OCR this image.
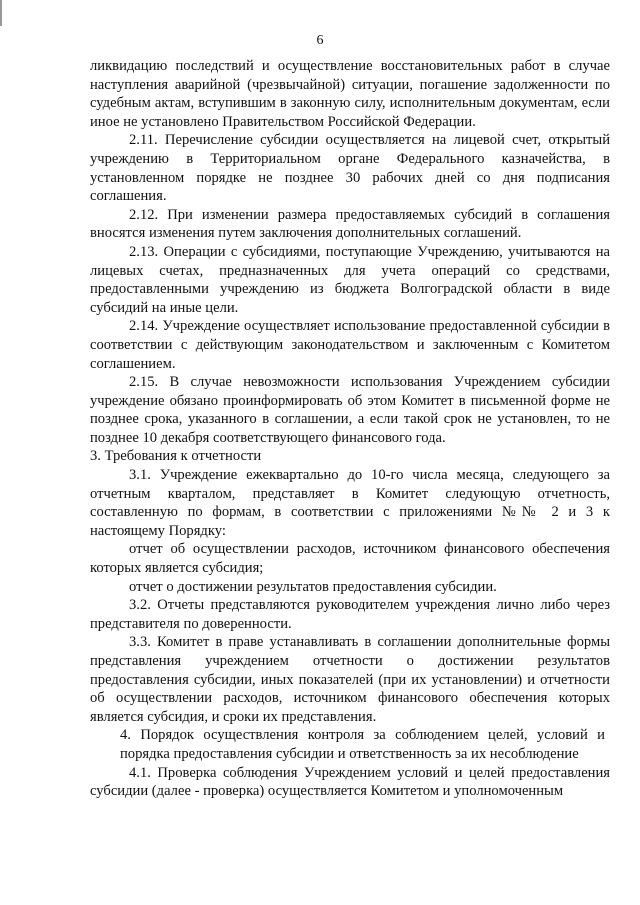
6

ликвидацию последствий и осуществление восстановительных работ в случае наступления аварийной (чрезвычайной) ситуации, погашение задолженности по судебным актам, вступившим в законную силу, исполнительным документам, если иное не установлено Правительством Российской Федерации.

2.11. Перечисление субсидии осуществляется на лицевой счет, открытый учреждению в Территориальном органе Федерального казначейства, в установленном порядке не позднее 30 рабочих дней со дня подписания соглашения.

2.12. При изменении размера предоставляемых субсидий в соглашения вносятся изменения путем заключения дополнительных соглашений.

2.13. Операции с субсидиями, поступающие Учреждению, учитываются на лицевых счетах, предназначенных для учета операций со средствами, предоставленными учреждению из бюджета Волгоградской области в виде субсидий на иные цели.

2.14. Учреждение осуществляет использование предоставленной субсидии в соответствии с действующим законодательством и заключенным с Комитетом соглашением.

2.15. В случае невозможности использования Учреждением субсидии учреждение обязано проинформировать об этом Комитет в письменной форме не позднее срока, указанного в соглашении, а если такой срок не установлен, то не позднее 10 декабря соответствующего финансового года.

3. Требования к отчетности

3.1. Учреждение ежеквартально до 10-го числа месяца, следующего за отчетным кварталом, представляет в Комитет следующую отчетность, составленную по формам, в соответствии с приложениями №№ 2 и 3 к настоящему Порядку:

отчет об осуществлении расходов, источником финансового обеспечения которых является субсидия;

отчет о достижении результатов предоставления субсидии.

3.2. Отчеты представляются руководителем учреждения лично либо через представителя по доверенности.

3.3. Комитет в праве устанавливать в соглашении дополнительные формы представления учреждением отчетности о достижении результатов предоставления субсидии, иных показателей (при их установлении) и отчетности об осуществлении расходов, источником финансового обеспечения которых является субсидия, и сроки их представления.

4. Порядок осуществления контроля за соблюдением целей, условий и порядка предоставления субсидии и ответственность за их несоблюдение

4.1. Проверка соблюдения Учреждением условий и целей предоставления субсидии (далее - проверка) осуществляется Комитетом и уполномоченным
